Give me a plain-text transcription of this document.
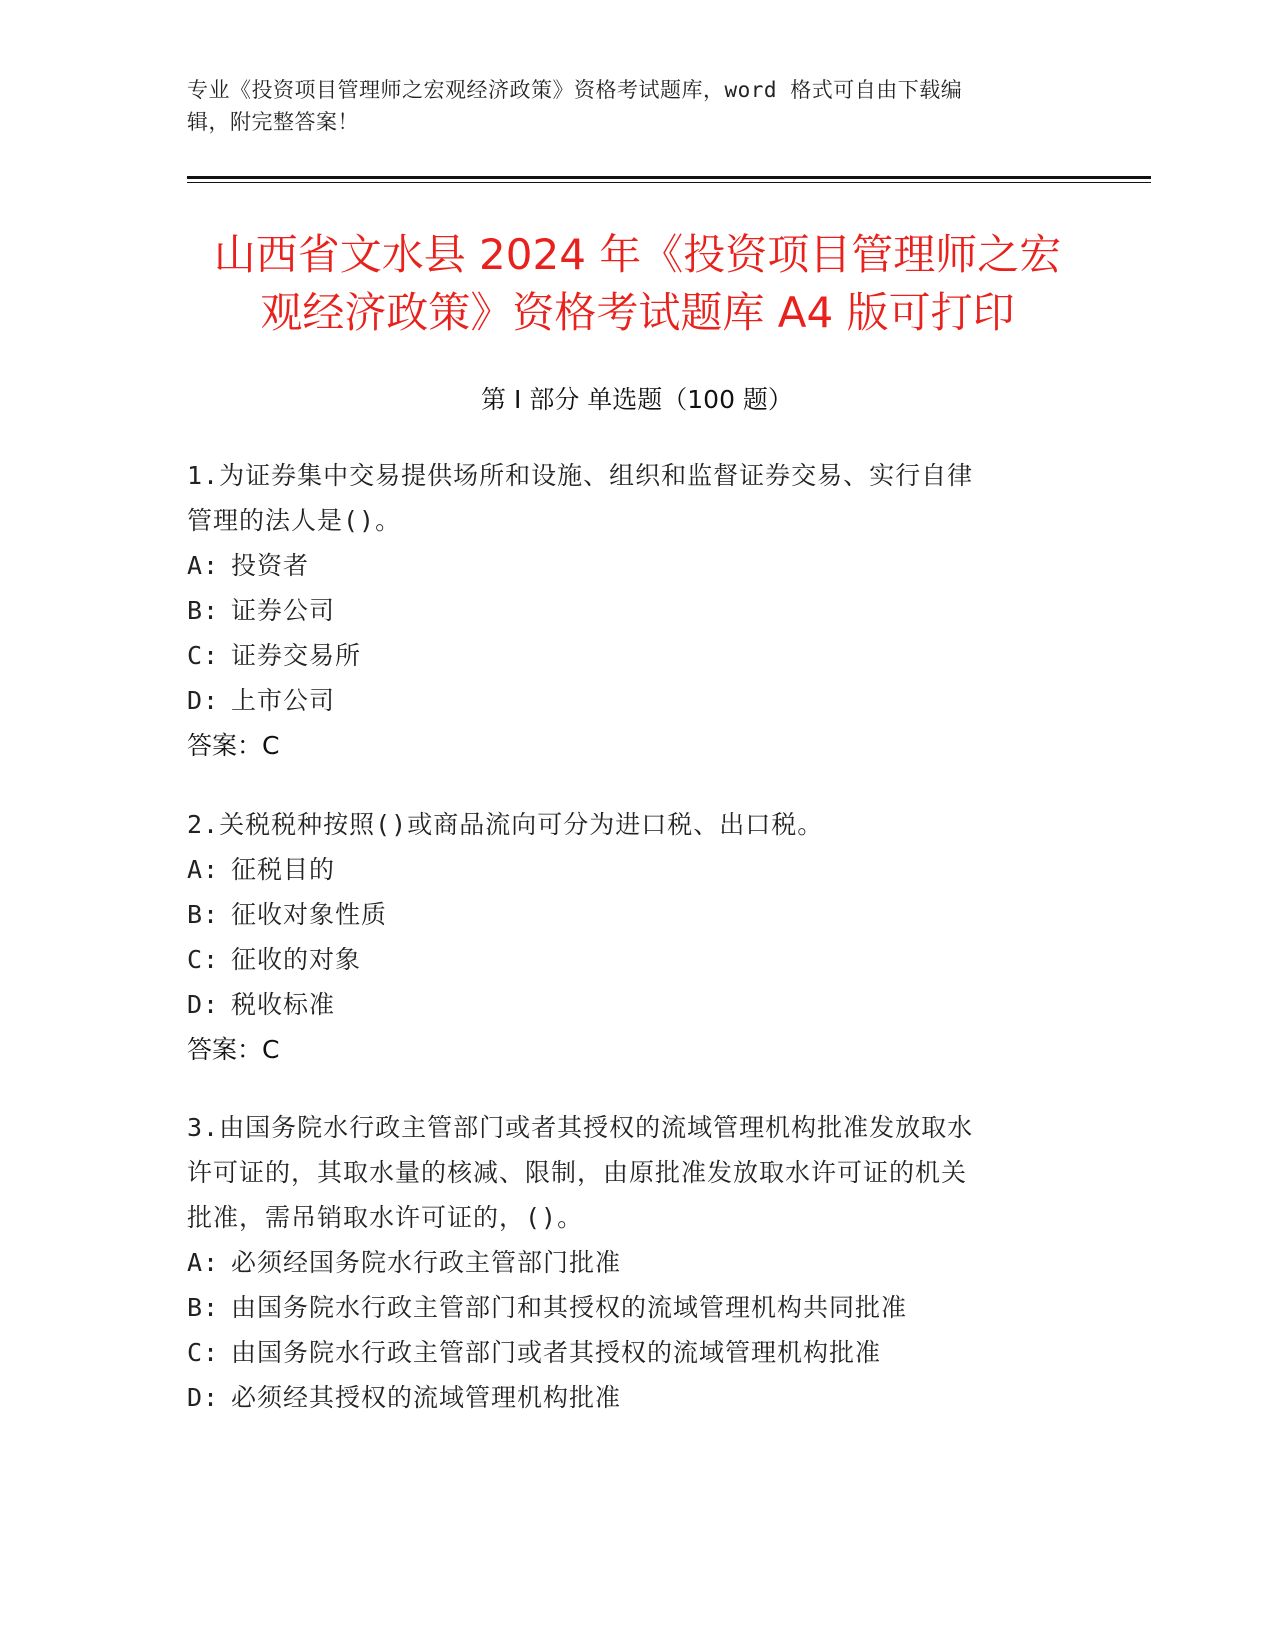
专业《投资项目管理师之宏观经济政策》资格考试题库，word 格式可自由下载编
辑，附完整答案！
山西省文水县 2024 年《投资项目管理师之宏
观经济政策》资格考试题库 A4 版可打印
第 I 部分 单选题（100 题）

1.为证券集中交易提供场所和设施、组织和监督证券交易、实行自律

管理的法人是()。

A: 投资者

B: 证券公司

C: 证券交易所

D: 上市公司

答案：C

2.关税税种按照()或商品流向可分为进口税、出口税。

A: 征税目的

B: 征收对象性质

C: 征收的对象

D: 税收标准

答案：C

3.由国务院水行政主管部门或者其授权的流域管理机构批准发放取水

许可证的，其取水量的核减、限制，由原批准发放取水许可证的机关

批准，需吊销取水许可证的，()。

A: 必须经国务院水行政主管部门批准

B: 由国务院水行政主管部门和其授权的流域管理机构共同批准

C: 由国务院水行政主管部门或者其授权的流域管理机构批准

D: 必须经其授权的流域管理机构批准
